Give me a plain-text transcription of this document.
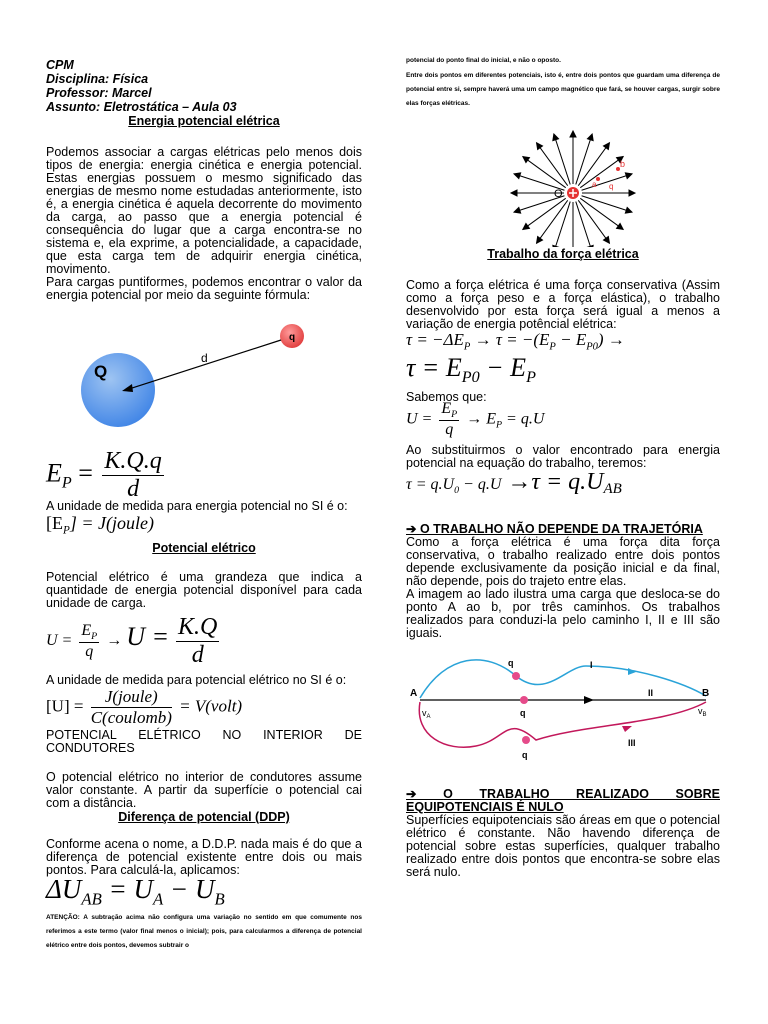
CPM
Disciplina: Física
Professor: Marcel
Assunto: Eletrostática – Aula 03
Energia potencial elétrica

Podemos associar a cargas elétricas pelo menos dois tipos de energia: energia cinética e energia potencial. Estas energias possuem o mesmo significado das energias de mesmo nome estudadas anteriormente, isto é, a energia cinética é aquela decorrente do movimento da carga, ao passo que a energia potencial é consequência do lugar que a carga encontra-se no sistema e, ela exprime, a potencialidade, a capacidade, que esta carga tem de adquirir energia cinética, movimento.

Para cargas puntiformes, podemos encontrar o valor da energia potencial por meio da seguinte fórmula:

Q
q
d
$E_P = \frac{K.Q.q}{d}$

A unidade de medida para energia potencial no SI é o:

$[E_P]$ = J(joule)
Potencial elétrico

Potencial elétrico é uma grandeza que indica a quantidade de energia potencial disponível para cada unidade de carga.

$U = \frac{E_P}{q} \to U = \frac{K.Q}{d}$

A unidade de medida para potencial elétrico no SI é o:

$[U] = \frac{\text{J(joule)}}{\text{C(coulomb)}}$ = V(volt)

POTENCIAL ELÉTRICO NO INTERIOR DE CONDUTORES

O potencial elétrico no interior de condutores assume valor constante. A partir da superfície o potencial cai com a distância.

Diferença de potencial (DDP)

Conforme acena o nome, a D.D.P. nada mais é do que a diferença de potencial existente entre dois ou mais pontos. Para calculá-la, aplicamos:

$\Delta U_{AB} = U_A - U_B$

ATENÇÃO: A subtração acima não configura uma variação no sentido em que comumente nos referimos a este termo (valor final menos o inicial); pois, para calcularmos a diferença de potencial elétrico entre dois pontos, devemos subtrair o

potencial do ponto final do inicial, e não o oposto.

Entre dois pontos em diferentes potenciais, isto é, entre dois pontos que guardam uma diferença de potencial entre si, sempre haverá uma um campo magnético que fará, se houver cargas, surgir sobre elas forças elétricas.

O
a
b
q
Trabalho da força elétrica

Como a força elétrica é uma força conservativa (Assim como a força peso e a força elástica), o trabalho desenvolvido por esta força será igual a menos a variação de energia potêncial elétrica:

$\tau = -\Delta E_P \to \tau = -(E_P - E_{P0})$ →
$\tau = E_{P0} - E_P$

Sabemos que:

$U = \frac{E_P}{q} \to E_P = q.U$

Ao substituirmos o valor encontrado para energia potencial na equação do trabalho, teremos:

$\tau = q.U_0 - q.U \to\tau = q.U_{AB}$
➔ O TRABALHO NÃO DEPENDE DA TRAJETÓRIA

Como a força elétrica é uma força dita força conservativa, o trabalho realizado entre dois pontos depende exclusivamente da posição inicial e da final, não depende, pois do trajeto entre elas.

A imagem ao lado ilustra uma carga que desloca-se do ponto A ao b, por três caminhos. Os trabalhos realizados para conduzi-la pelo caminho I, II e III são iguais.

A	B
$v_A$
$v_B$
q
q
q
I
II
III
➔ O TRABALHO REALIZADO SOBRE EQUIPOTENCIAIS É NULO

Superfícies equipotenciais são áreas em que o potencial elétrico é constante. Não havendo diferença de potencial sobre estas superfícies, qualquer trabalho realizado entre dois pontos que encontra-se sobre elas será nulo.
